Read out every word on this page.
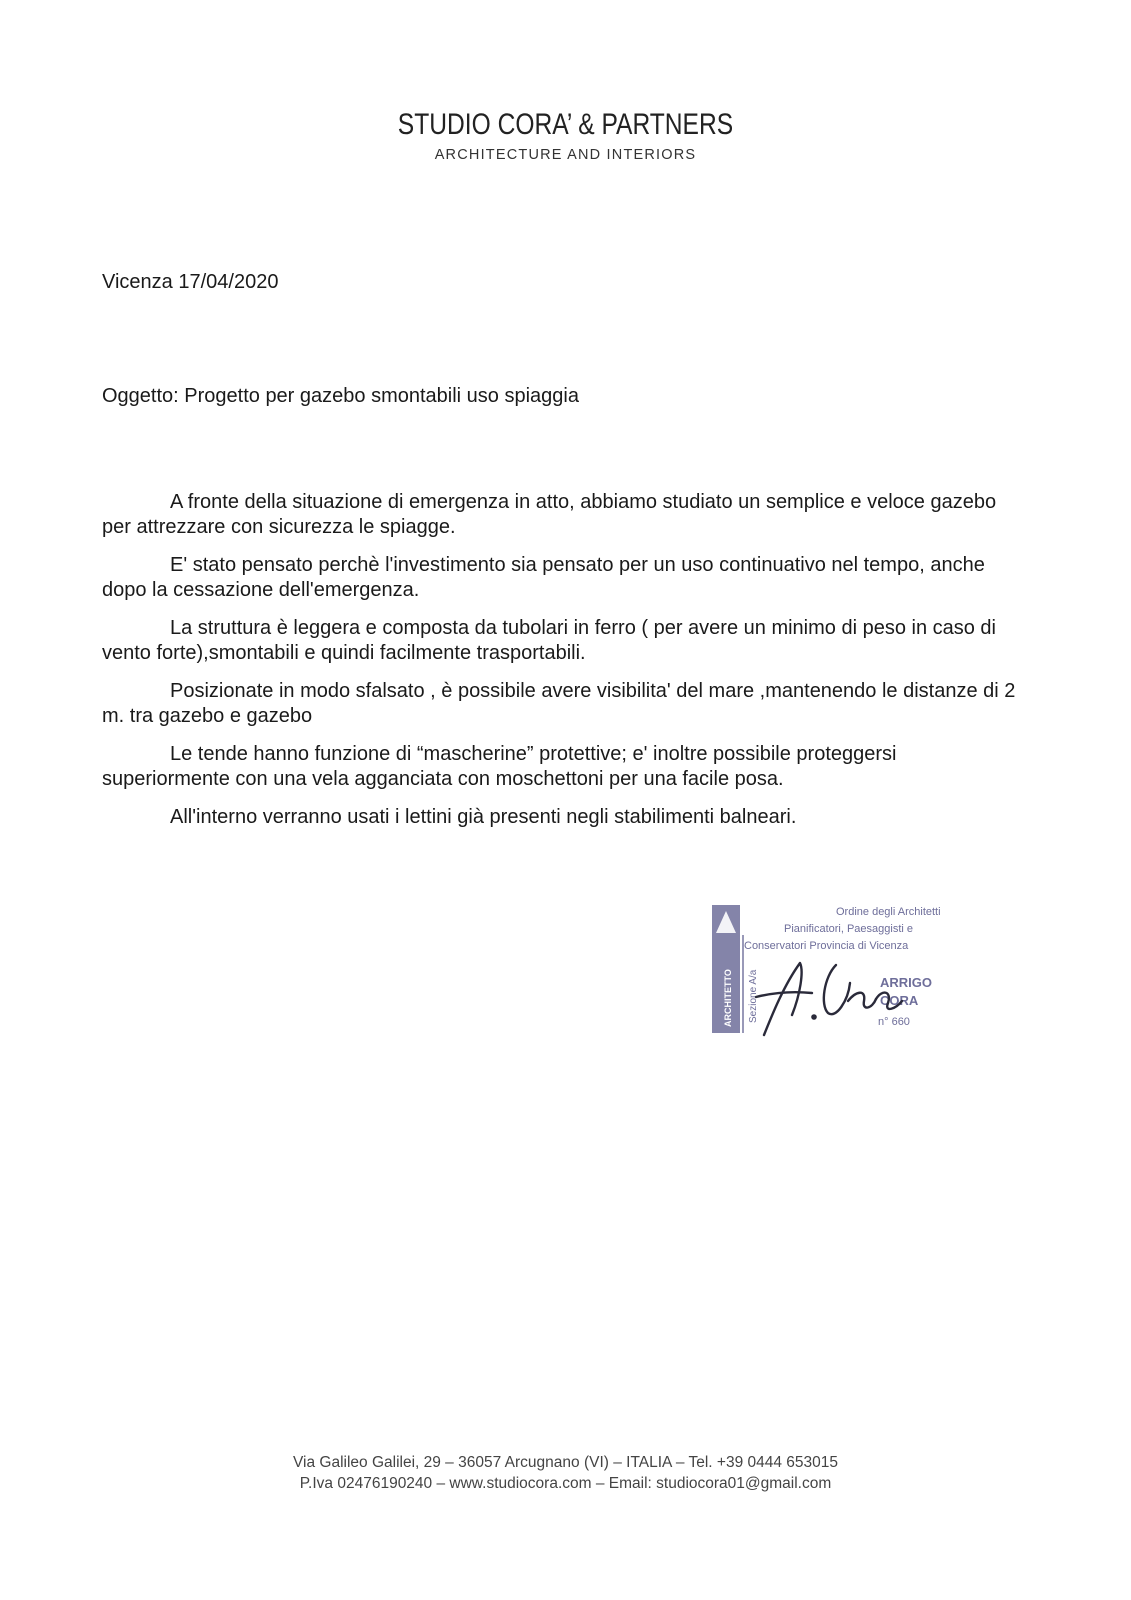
STUDIO CORA’ & PARTNERS
ARCHITECTURE AND INTERIORS
Vicenza 17/04/2020
Oggetto: Progetto per gazebo smontabili uso spiaggia

A fronte della situazione di emergenza in atto, abbiamo studiato un semplice e veloce gazebo per attrezzare con sicurezza le spiagge.

E' stato pensato perchè l'investimento sia pensato per un uso continuativo nel tempo, anche dopo la cessazione dell'emergenza.

La struttura è leggera e composta da tubolari in ferro ( per avere un minimo di peso in caso di vento forte),smontabili e quindi facilmente trasportabili.

Posizionate in modo sfalsato , è possibile avere visibilita' del mare ,mantenendo le distanze di 2 m. tra gazebo e gazebo

Le tende hanno funzione di “mascherine” protettive; e' inoltre possibile proteggersi superiormente con una vela agganciata con moschettoni per una facile posa.

All'interno verranno usati i lettini già presenti negli stabilimenti balneari.

ARCHITETTO Sezione A/a
Ordine degli Architetti
Pianificatori, Paesaggisti e
Conservatori Provincia di Vicenza
ARRIGO
CORA
n° 660
Via Galileo Galilei, 29 – 36057 Arcugnano (VI) – ITALIA – Tel. +39 0444 653015
P.Iva 02476190240 – www.studiocora.com – Email: studiocora01@gmail.com
